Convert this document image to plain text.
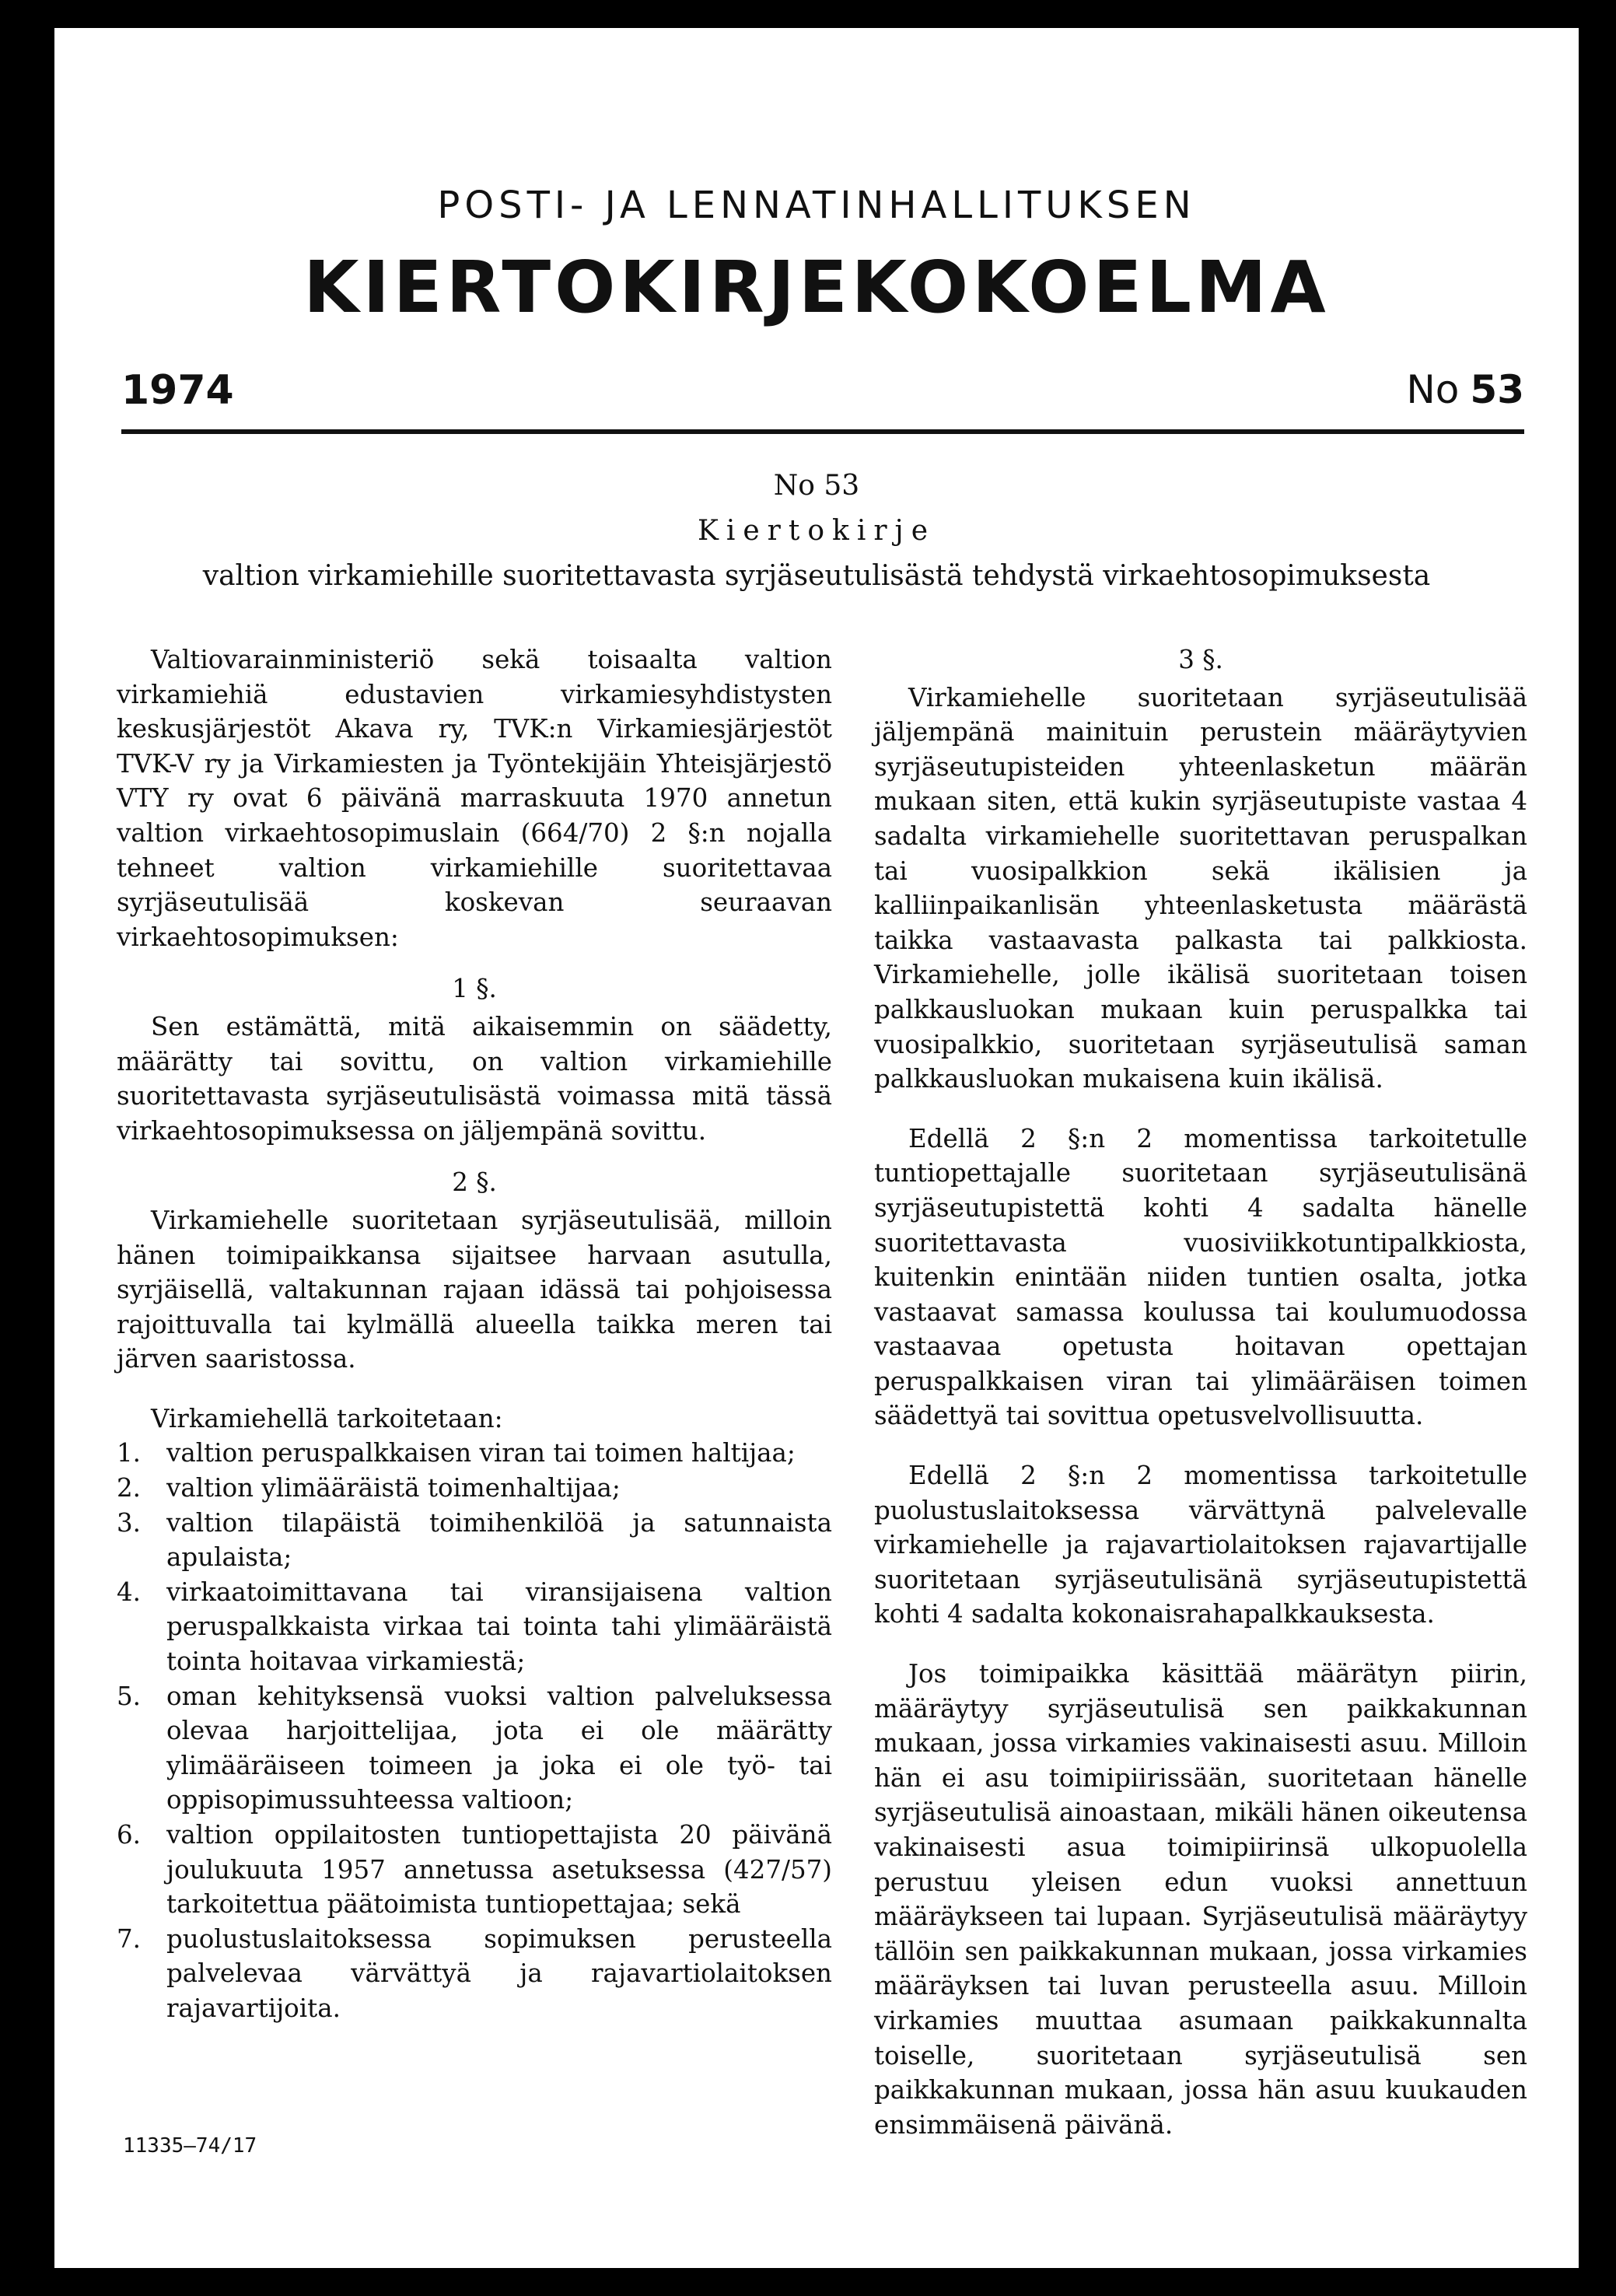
POSTI- JA LENNATINHALLITUKSEN
KIERTOKIRJEKOKOELMA
1974	No 53
No 53
Kiertokirje
valtion virkamiehille suoritettavasta syrjäseutulisästä tehdystä virkaehtosopimuksesta

Valtiovarainministeriö sekä toisaalta valtion virkamiehiä edustavien virkamiesyhdistysten keskusjärjestöt Akava ry, TVK:n Virkamiesjärjestöt TVK-V ry ja Virkamiesten ja Työntekijäin Yhteisjärjestö VTY ry ovat 6 päivänä marraskuuta 1970 annetun valtion virkaehtosopimuslain (664/70) 2 §:n nojalla tehneet valtion virkamiehille suoritettavaa syrjäseutulisää koskevan seuraavan virkaehtosopimuksen:

1 §.

Sen estämättä, mitä aikaisemmin on säädetty, määrätty tai sovittu, on valtion virkamiehille suoritettavasta syrjäseutulisästä voimassa mitä tässä virkaehtosopimuksessa on jäljempänä sovittu.

2 §.

Virkamiehelle suoritetaan syrjäseutulisää, milloin hänen toimipaikkansa sijaitsee harvaan asutulla, syrjäisellä, valtakunnan rajaan idässä tai pohjoisessa rajoittuvalla tai kylmällä alueella taikka meren tai järven saaristossa.

Virkamiehellä tarkoitetaan:

1.	valtion peruspalkkaisen viran tai toimen haltijaa;
2.	valtion ylimääräistä toimenhaltijaa;
3.	valtion tilapäistä toimihenkilöä ja satunnaista apulaista;
4.	virkaatoimittavana tai viransijaisena valtion peruspalkkaista virkaa tai tointa tahi ylimääräistä tointa hoitavaa virkamiestä;
5.	oman kehityksensä vuoksi valtion palveluksessa olevaa harjoittelijaa, jota ei ole määrätty ylimääräiseen toimeen ja joka ei ole työ- tai oppisopimussuhteessa valtioon;
6.	valtion oppilaitosten tuntiopettajista 20 päivänä joulukuuta 1957 annetussa asetuksessa (427/57) tarkoitettua päätoimista tuntiopettajaa; sekä
7.	puolustuslaitoksessa sopimuksen perusteella palvelevaa värvättyä ja rajavartiolaitoksen rajavartijoita.
3 §.

Virkamiehelle suoritetaan syrjäseutulisää jäljempänä mainituin perustein määräytyvien syrjäseutupisteiden yhteenlasketun määrän mukaan siten, että kukin syrjäseutupiste vastaa 4 sadalta virkamiehelle suoritettavan peruspalkan tai vuosipalkkion sekä ikälisien ja kalliinpaikanlisän yhteenlasketusta määrästä taikka vastaavasta palkasta tai palkkiosta. Virkamiehelle, jolle ikälisä suoritetaan toisen palkkausluokan mukaan kuin peruspalkka tai vuosipalkkio, suoritetaan syrjäseutulisä saman palkkausluokan mukaisena kuin ikälisä.

Edellä 2 §:n 2 momentissa tarkoitetulle tuntiopettajalle suoritetaan syrjäseutulisänä syrjäseutupistettä kohti 4 sadalta hänelle suoritettavasta vuosiviikkotuntipalkkiosta, kuitenkin enintään niiden tuntien osalta, jotka vastaavat samassa koulussa tai koulumuodossa vastaavaa opetusta hoitavan opettajan peruspalkkaisen viran tai ylimääräisen toimen säädettyä tai sovittua opetusvelvollisuutta.

Edellä 2 §:n 2 momentissa tarkoitetulle puolustuslaitoksessa värvättynä palvelevalle virkamiehelle ja rajavartiolaitoksen rajavartijalle suoritetaan syrjäseutulisänä syrjäseutupistettä kohti 4 sadalta kokonaisrahapalkkauksesta.

Jos toimipaikka käsittää määrätyn piirin, määräytyy syrjäseutulisä sen paikkakunnan mukaan, jossa virkamies vakinaisesti asuu. Milloin hän ei asu toimipiirissään, suoritetaan hänelle syrjäseutulisä ainoastaan, mikäli hänen oikeutensa vakinaisesti asua toimipiirinsä ulkopuolella perustuu yleisen edun vuoksi annettuun määräykseen tai lupaan. Syrjäseutulisä määräytyy tällöin sen paikkakunnan mukaan, jossa virkamies määräyksen tai luvan perusteella asuu. Milloin virkamies muuttaa asumaan paikkakunnalta toiselle, suoritetaan syrjäseutulisä sen paikkakunnan mukaan, jossa hän asuu kuukauden ensimmäisenä päivänä.

11335—74/17
